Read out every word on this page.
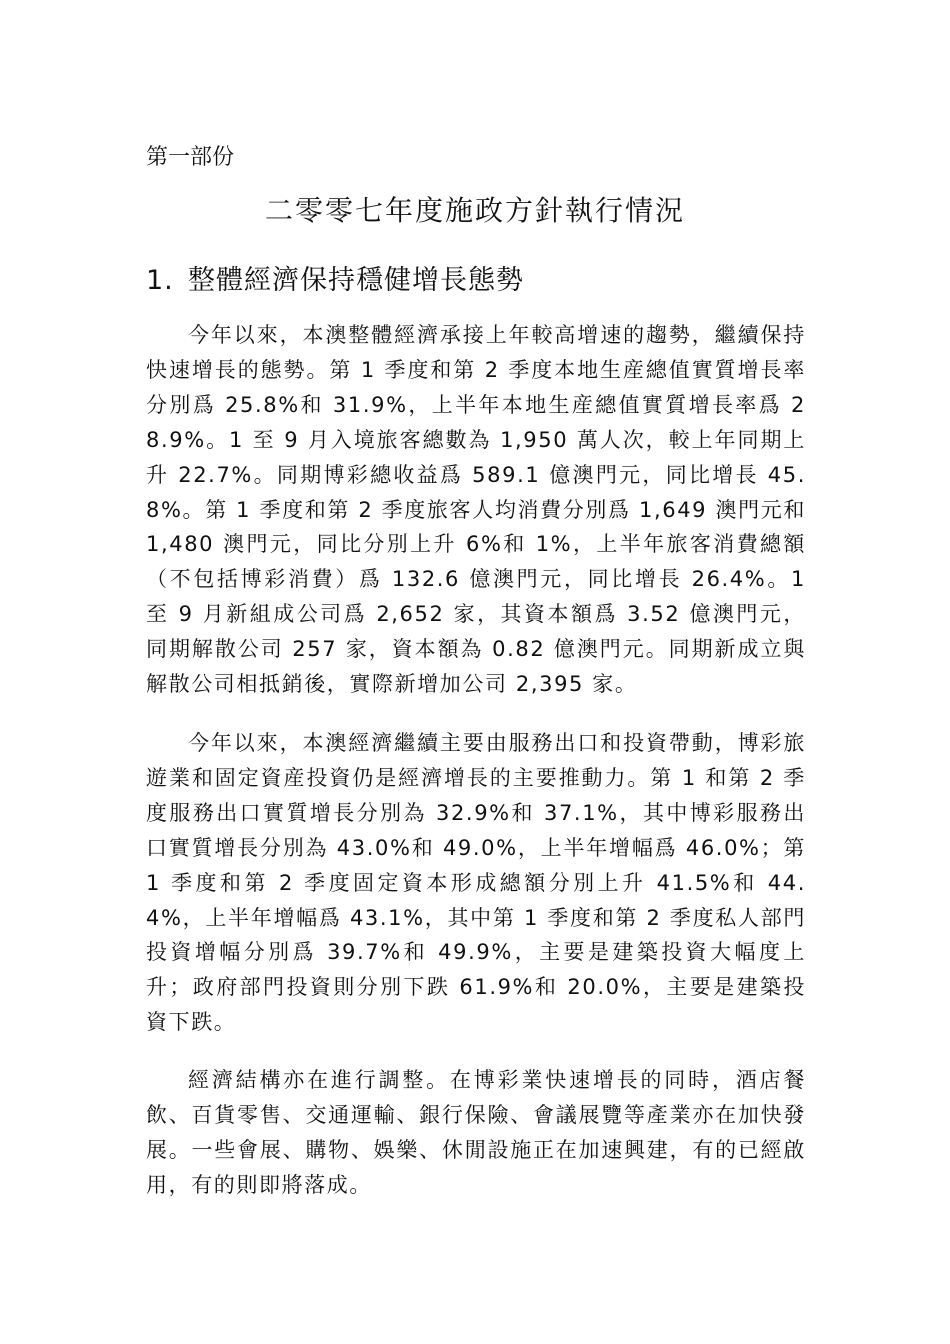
第一部份

二零零七年度施政方針執行情況
1. 整體經濟保持穩健增長態勢

今年以來，本澳整體經濟承接上年較高增速的趨勢，繼續保持快速增長的態勢。第 1 季度和第 2 季度本地生産總值實質增長率分別爲 25.8%和 31.9%，上半年本地生産總值實質增長率爲 28.9%。1 至 9 月入境旅客總數為 1,950 萬人次，較上年同期上升 22.7%。同期博彩總收益爲 589.1 億澳門元，同比增長 45.8%。第 1 季度和第 2 季度旅客人均消費分別爲 1,649 澳門元和 1,480 澳門元，同比分別上升 6%和 1%，上半年旅客消費總額（不包括博彩消費）爲 132.6 億澳門元，同比增長 26.4%。1 至 9 月新組成公司爲 2,652 家，其資本額爲 3.52 億澳門元，同期解散公司 257 家，資本額為 0.82 億澳門元。同期新成立與解散公司相抵銷後，實際新增加公司 2,395 家。

今年以來，本澳經濟繼續主要由服務出口和投資帶動，博彩旅遊業和固定資産投資仍是經濟增長的主要推動力。第 1 和第 2 季度服務出口實質增長分別為 32.9%和 37.1%，其中博彩服務出口實質增長分別為 43.0%和 49.0%，上半年增幅爲 46.0%；第 1 季度和第 2 季度固定資本形成總額分別上升 41.5%和 44.4%，上半年增幅爲 43.1%，其中第 1 季度和第 2 季度私人部門投資增幅分別爲 39.7%和 49.9%，主要是建築投資大幅度上升；政府部門投資則分別下跌 61.9%和 20.0%，主要是建築投資下跌。

經濟結構亦在進行調整。在博彩業快速增長的同時，酒店餐飲、百貨零售、交通運輸、銀行保險、會議展覽等產業亦在加快發展。一些會展、購物、娛樂、休閒設施正在加速興建，有的已經啟用，有的則即將落成。
